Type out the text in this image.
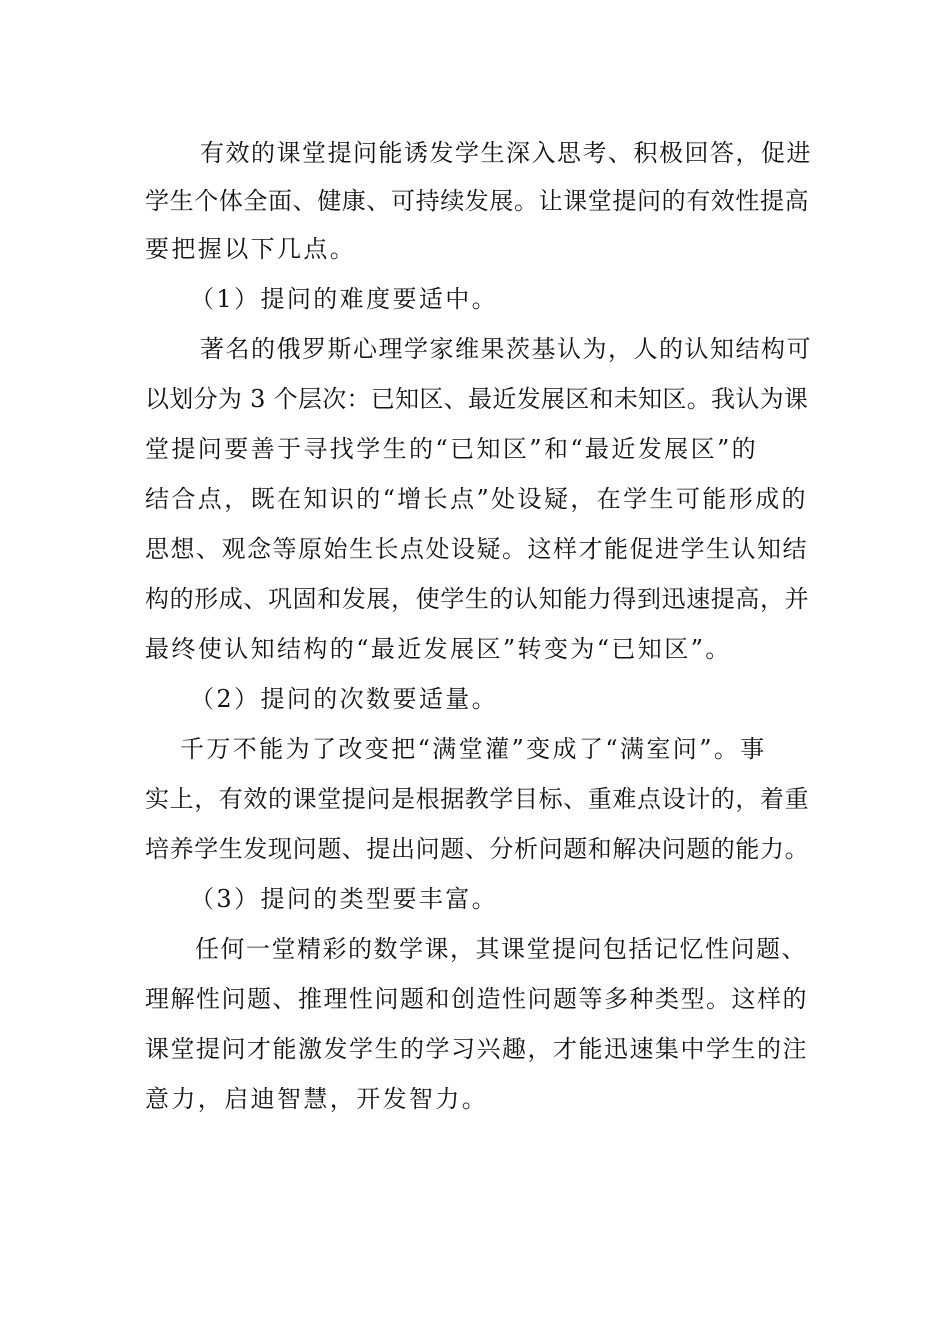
有效的课堂提问能诱发学生深入思考、积极回答，促进
学生个体全面、健康、可持续发展。让课堂提问的有效性提高
要把握以下几点。
（1）提问的难度要适中。
著名的俄罗斯心理学家维果茨基认为，人的认知结构可
以划分为 3 个层次：已知区、最近发展区和未知区。我认为课
堂提问要善于寻找学生的“已知区”和“最近发展区”的
结合点，既在知识的“增长点”处设疑，在学生可能形成的
思想、观念等原始生长点处设疑。这样才能促进学生认知结
构的形成、巩固和发展，使学生的认知能力得到迅速提高，并
最终使认知结构的“最近发展区”转变为“已知区”。
（2）提问的次数要适量。
千万不能为了改变把“满堂灌”变成了“满室问”。事
实上，有效的课堂提问是根据教学目标、重难点设计的，着重
培养学生发现问题、提出问题、分析问题和解决问题的能力。
（3）提问的类型要丰富。
任何一堂精彩的数学课，其课堂提问包括记忆性问题、
理解性问题、推理性问题和创造性问题等多种类型。这样的
课堂提问才能激发学生的学习兴趣，才能迅速集中学生的注
意力，启迪智慧，开发智力。
